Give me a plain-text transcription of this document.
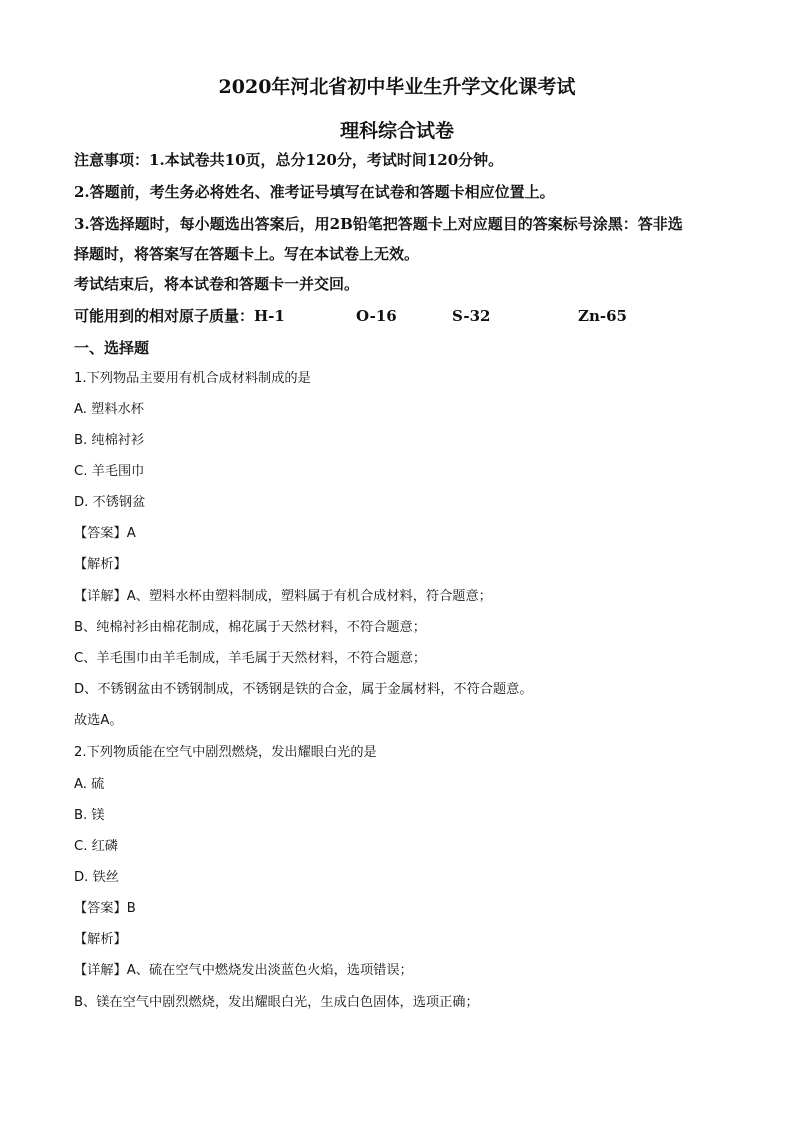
2020年河北省初中毕业生升学文化课考试
理科综合试卷
注意事项：1.本试卷共10页，总分120分，考试时间120分钟。
2.答题前，考生务必将姓名、准考证号填写在试卷和答题卡相应位置上。
3.答选择题时，每小题选出答案后，用2B铅笔把答题卡上对应题目的答案标号涂黑：答非选
择题时，将答案写在答题卡上。写在本试卷上无效。
考试结束后，将本试卷和答题卡一并交回。
可能用到的相对原子质量：H-1	O-16	S-32	Zn-65
一、选择题
1.下列物品主要用有机合成材料制成的是
A. 塑料水杯
B. 纯棉衬衫
C. 羊毛围巾
D. 不锈钢盆
【答案】A
【解析】
【详解】A、塑料水杯由塑料制成，塑料属于有机合成材料，符合题意；
B、纯棉衬衫由棉花制成，棉花属于天然材料，不符合题意；
C、羊毛围巾由羊毛制成，羊毛属于天然材料，不符合题意；
D、不锈钢盆由不锈钢制成，不锈钢是铁的合金，属于金属材料，不符合题意。
故选A。
2.下列物质能在空气中剧烈燃烧，发出耀眼白光的是
A. 硫
B. 镁
C. 红磷
D. 铁丝
【答案】B
【解析】
【详解】A、硫在空气中燃烧发出淡蓝色火焰，选项错误；
B、镁在空气中剧烈燃烧，发出耀眼白光，生成白色固体，选项正确；
